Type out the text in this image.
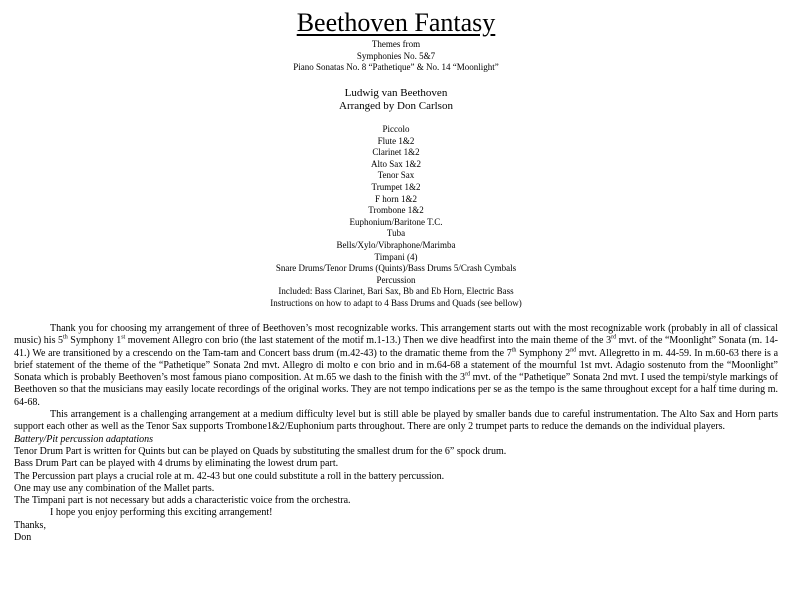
Beethoven Fantasy
Themes from
Symphonies No. 5&7
Piano Sonatas No. 8 “Pathetique” & No. 14 “Moonlight”
Ludwig van Beethoven
Arranged by Don Carlson
Piccolo
Flute 1&2
Clarinet 1&2
Alto Sax 1&2
Tenor Sax
Trumpet 1&2
F horn 1&2
Trombone 1&2
Euphonium/Baritone T.C.
Tuba
Bells/Xylo/Vibraphone/Marimba
Timpani (4)
Snare Drums/Tenor Drums (Quints)/Bass Drums 5/Crash Cymbals
Percussion
Included: Bass Clarinet, Bari Sax, Bb and Eb Horn, Electric Bass
Instructions on how to adapt to 4 Bass Drums and Quads (see bellow)

Thank you for choosing my arrangement of three of Beethoven’s most recognizable works. This arrangement starts out with the most recognizable work (probably in all of classical music) his 5th Symphony 1st movement Allegro con brio (the last statement of the motif m.1-13.) Then we dive headfirst into the main theme of the 3rd mvt. of the “Moonlight” Sonata (m. 14-41.) We are transitioned by a crescendo on the Tam-tam and Concert bass drum (m.42-43) to the dramatic theme from the 7th Symphony 2nd mvt. Allegretto in m. 44-59. In m.60-63 there is a brief statement of the theme of the “Pathetique” Sonata 2nd mvt. Allegro di molto e con brio and in m.64-68 a statement of the mournful 1st mvt. Adagio sostenuto from the “Moonlight” Sonata which is probably Beethoven’s most famous piano composition. At m.65 we dash to the finish with the 3rd mvt. of the “Pathetique” Sonata 2nd mvt. I used the tempi/style markings of Beethoven so that the musicians may easily locate recordings of the original works. They are not tempo indications per se as the tempo is the same throughout except for a half time during m. 64-68.

This arrangement is a challenging arrangement at a medium difficulty level but is still able be played by smaller bands due to careful instrumentation. The Alto Sax and Horn parts support each other as well as the Tenor Sax supports Trombone1&2/Euphonium parts throughout. There are only 2 trumpet parts to reduce the demands on the individual players.

Battery/Pit percussion adaptations

Tenor Drum Part is written for Quints but can be played on Quads by substituting the smallest drum for the 6” spock drum.

Bass Drum Part can be played with 4 drums by eliminating the lowest drum part.

The Percussion part plays a crucial role at m. 42-43 but one could substitute a roll in the battery percussion.

One may use any combination of the Mallet parts.

The Timpani part is not necessary but adds a characteristic voice from the orchestra.

I hope you enjoy performing this exciting arrangement!

Thanks,

Don
